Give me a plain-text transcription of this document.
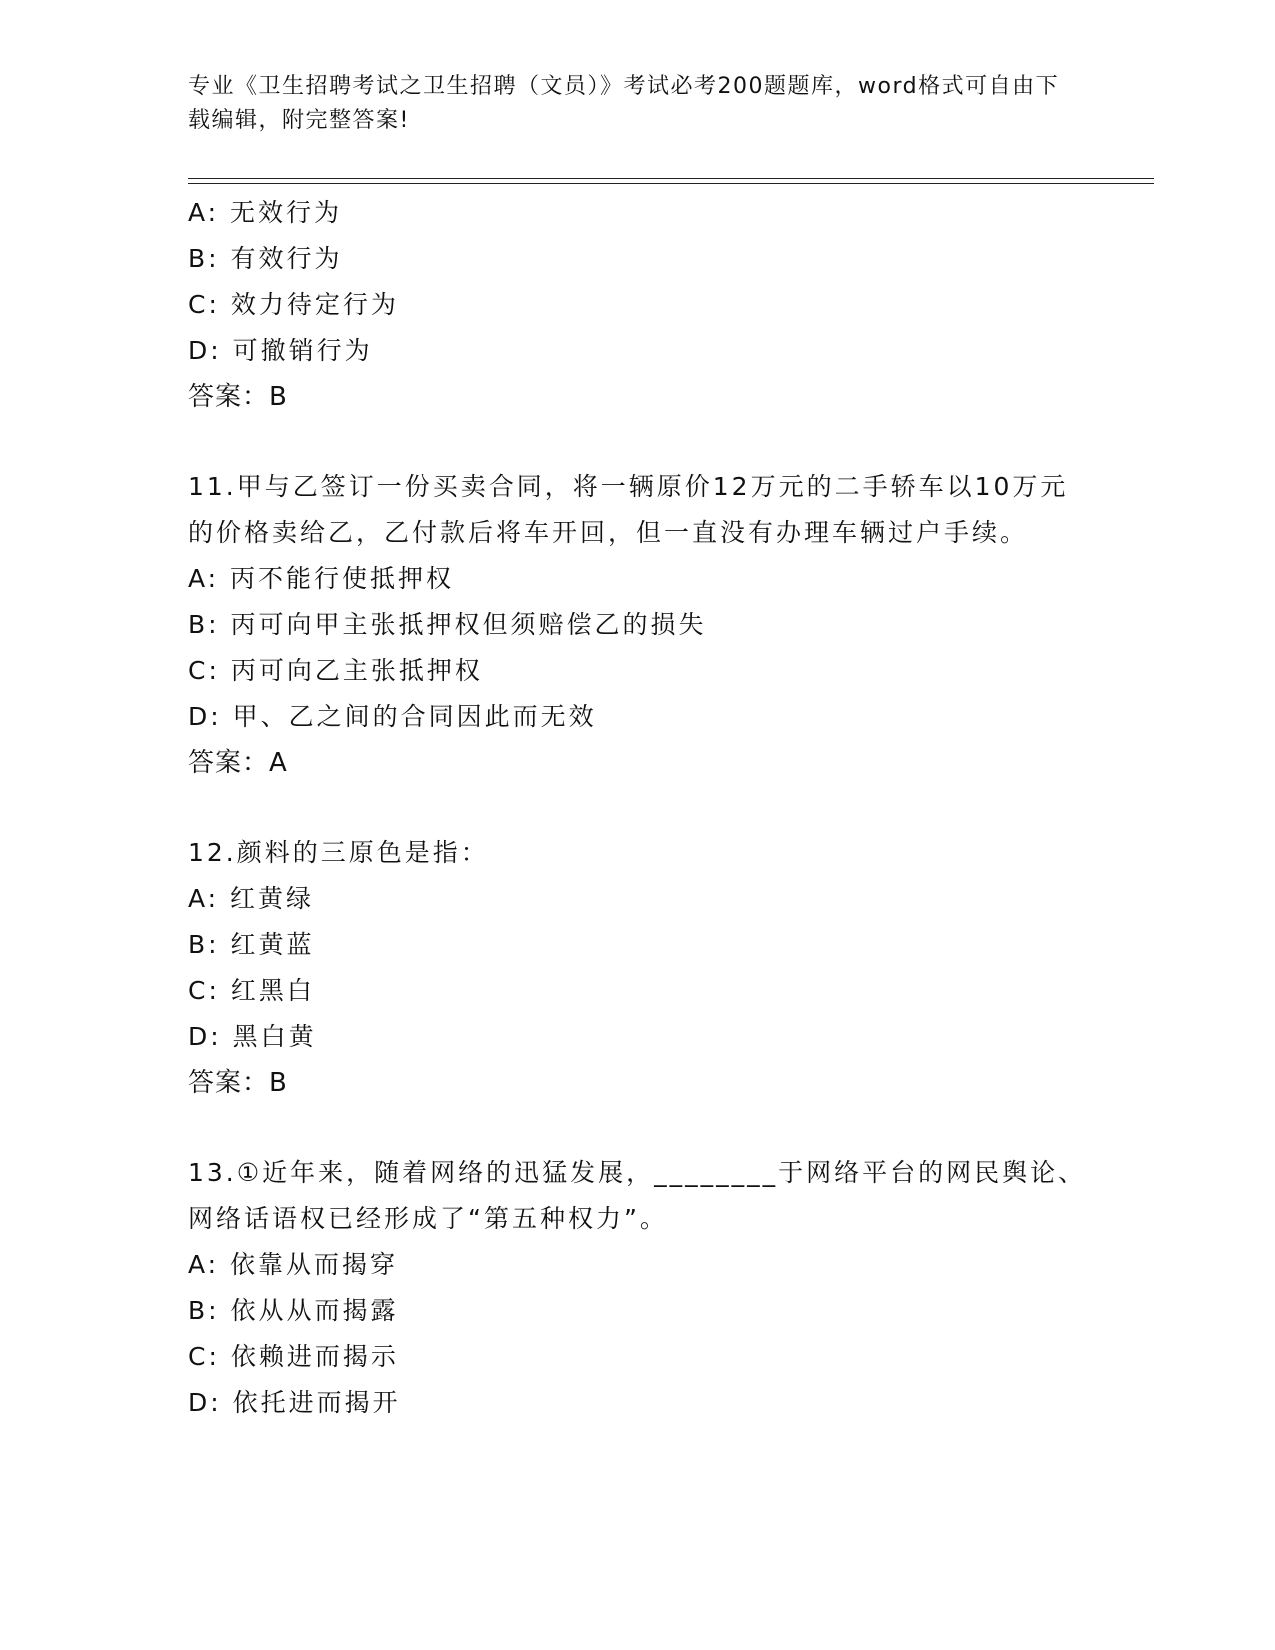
专业《卫生招聘考试之卫生招聘（文员）》考试必考200题题库，word格式可自由下载编辑，附完整答案!
A: 无效行为
B: 有效行为
C: 效力待定行为
D: 可撤销行为
答案：B
11.甲与乙签订一份买卖合同，将一辆原价12万元的二手轿车以10万元的价格卖给乙，乙付款后将车开回，但一直没有办理车辆过户手续。
A: 丙不能行使抵押权
B: 丙可向甲主张抵押权但须赔偿乙的损失
C: 丙可向乙主张抵押权
D: 甲、乙之间的合同因此而无效
答案：A
12.颜料的三原色是指：
A: 红黄绿
B: 红黄蓝
C: 红黑白
D: 黑白黄
答案：B
13.①近年来，随着网络的迅猛发展，________于网络平台的网民舆论、网络话语权已经形成了“第五种权力”。
A: 依靠从而揭穿
B: 依从从而揭露
C: 依赖进而揭示
D: 依托进而揭开
